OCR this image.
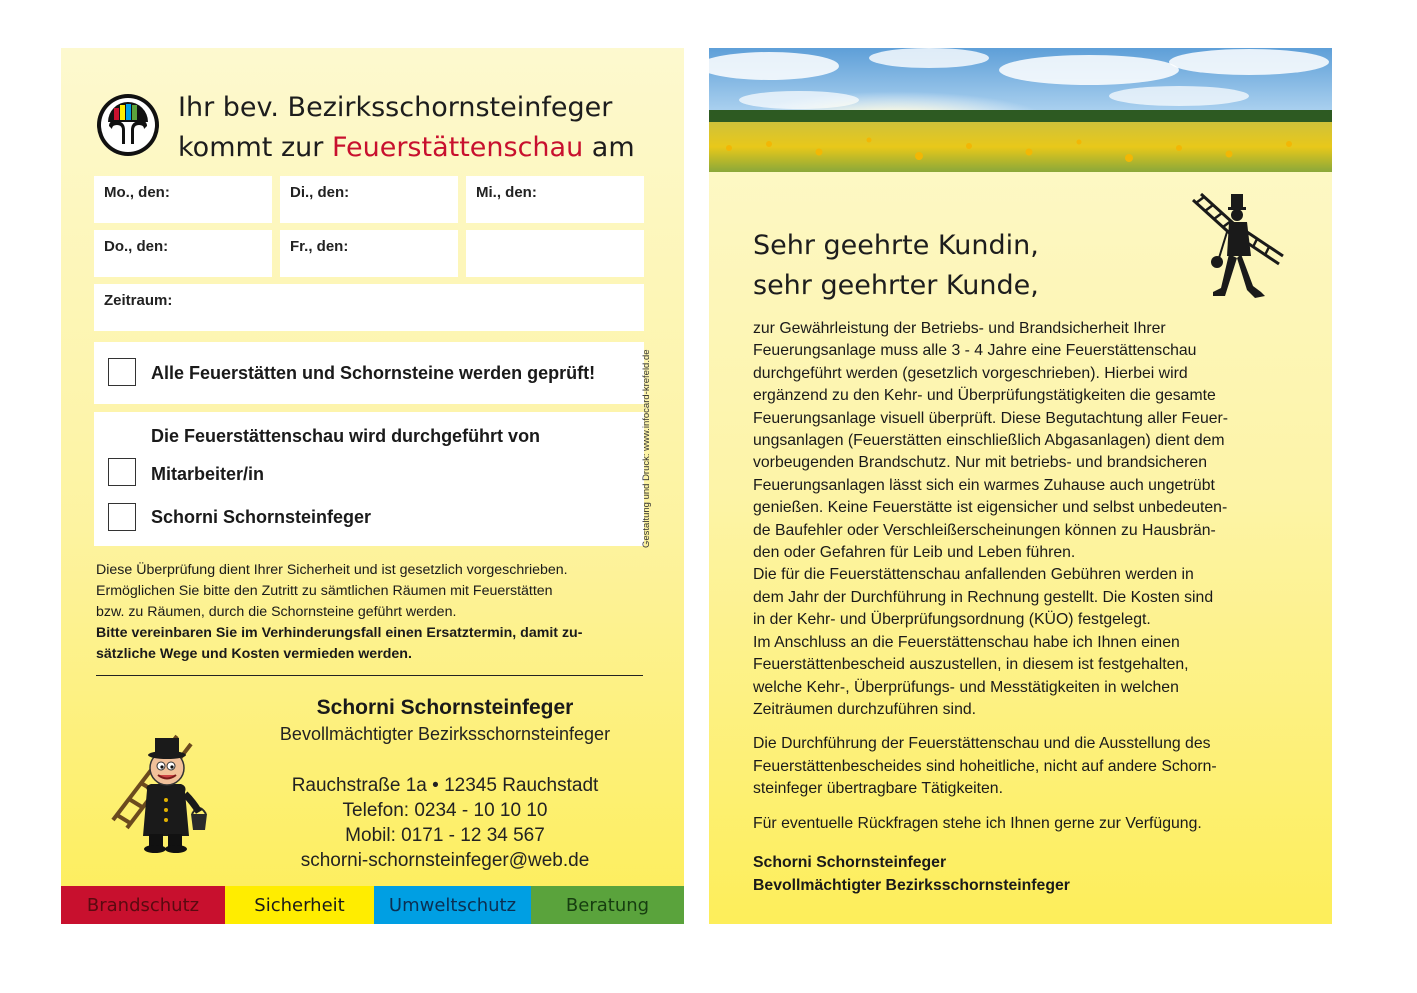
Ihr bev. Bezirksschornsteinfeger
kommt zur Feuerstättenschau am
Mo., den:	Di., den:	Mi., den:
Do., den:	Fr., den:
Zeitraum:
Alle Feuerstätten und Schornsteine werden geprüft!
Die Feuerstättenschau wird durchgeführt von
Mitarbeiter/in
Schorni Schornsteinfeger	Gestaltung und Druck: www.infocard-krefeld.de
Diese Überprüfung dient Ihrer Sicherheit und ist gesetzlich vorgeschrieben.
Ermöglichen Sie bitte den Zutritt zu sämtlichen Räumen mit Feuerstätten
bzw. zu Räumen, durch die Schornsteine geführt werden.
Bitte vereinbaren Sie im Verhinderungsfall einen Ersatztermin, damit zu-
sätzliche Wege und Kosten vermieden werden.
Schorni Schornsteinfeger
Bevollmächtigter Bezirksschornsteinfeger
Rauchstraße 1a • 12345 Rauchstadt
Telefon: 0234 - 10 10 10
Mobil: 0171 - 12 34 567
schorni-schornsteinfeger@web.de
Brandschutz	Sicherheit Umweltschutz	Beratung
Sehr geehrte Kundin,
sehr geehrter Kunde,

zur Gewährleistung der Betriebs- und Brandsicherheit Ihrer
Feuerungsanlage muss alle 3 - 4 Jahre eine Feuerstättenschau
durchgeführt werden (gesetzlich vorgeschrieben). Hierbei wird
ergänzend zu den Kehr- und Überprüfungstätigkeiten die gesamte
Feuerungsanlage visuell überprüft. Diese Begutachtung aller Feuer-
ungsanlagen (Feuerstätten einschließlich Abgasanlagen) dient dem
vorbeugenden Brandschutz. Nur mit betriebs- und brandsicheren
Feuerungsanlagen lässt sich ein warmes Zuhause auch ungetrübt
genießen. Keine Feuerstätte ist eigensicher und selbst unbedeuten-
de Baufehler oder Verschleißerscheinungen können zu Hausbrän-
den oder Gefahren für Leib und Leben führen.
Die für die Feuerstättenschau anfallenden Gebühren werden in
dem Jahr der Durchführung in Rechnung gestellt. Die Kosten sind
in der Kehr- und Überprüfungsordnung (KÜO) festgelegt.
Im Anschluss an die Feuerstättenschau habe ich Ihnen einen
Feuerstättenbescheid auszustellen, in diesem ist festgehalten,
welche Kehr-, Überprüfungs- und Messtätigkeiten in welchen
Zeiträumen durchzuführen sind.

Die Durchführung der Feuerstättenschau und die Ausstellung des
Feuerstättenbescheides sind hoheitliche, nicht auf andere Schorn-
steinfeger übertragbare Tätigkeiten.

Für eventuelle Rückfragen stehe ich Ihnen gerne zur Verfügung.

Schorni Schornsteinfeger
Bevollmächtigter Bezirksschornsteinfeger
